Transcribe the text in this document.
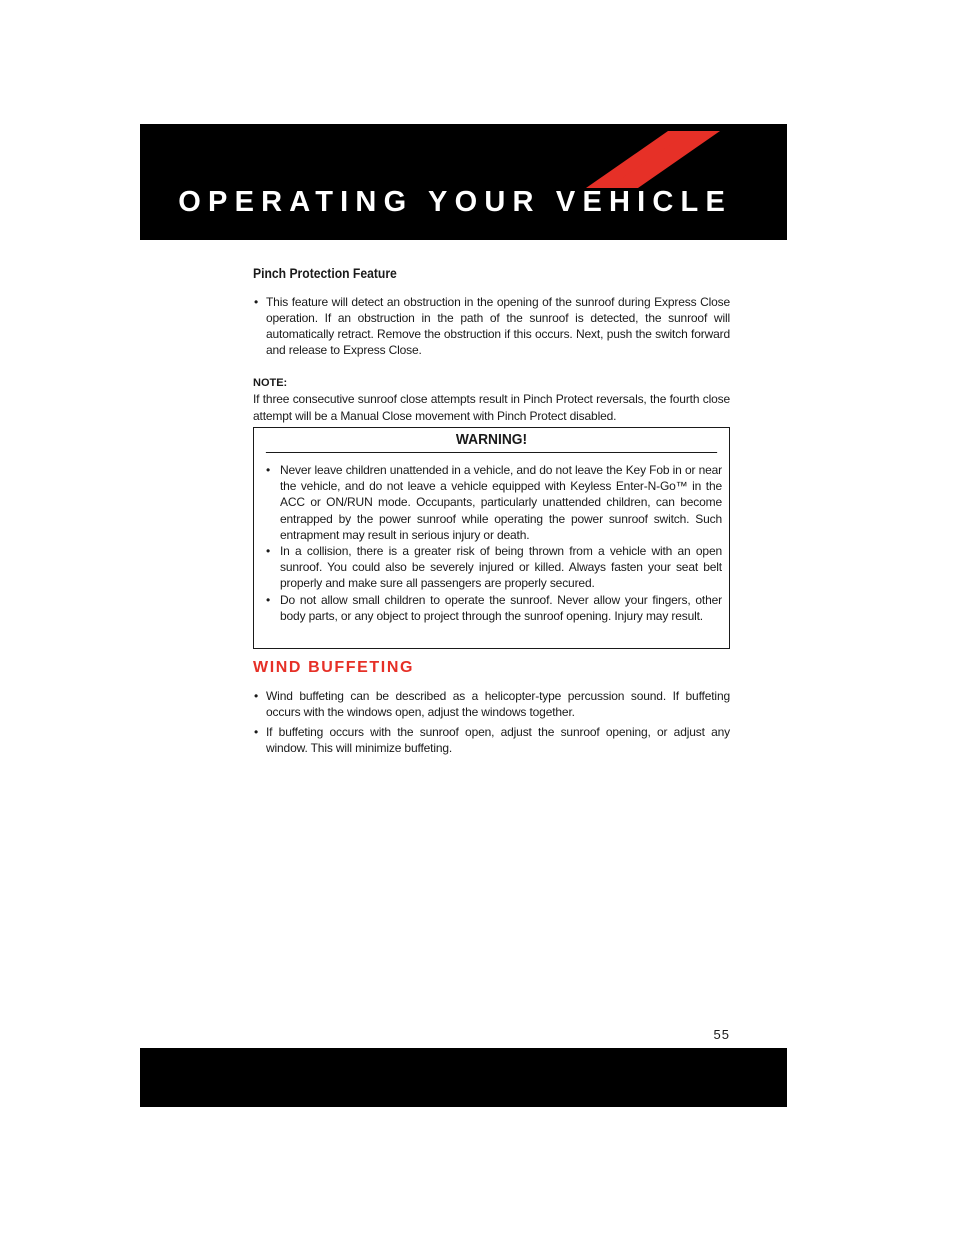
OPERATING YOUR VEHICLE
Pinch Protection Feature
• This feature will detect an obstruction in the opening of the sunroof during Express Close operation. If an obstruction in the path of the sunroof is detected, the sunroof will automatically retract. Remove the obstruction if this occurs. Next, push the switch forward and release to Express Close.

NOTE:

If three consecutive sunroof close attempts result in Pinch Protect reversals, the fourth close attempt will be a Manual Close movement with Pinch Protect disabled.

WARNING!
• Never leave children unattended in a vehicle, and do not leave the Key Fob in or near the vehicle, and do not leave a vehicle equipped with Keyless Enter-N-Go™ in the ACC or ON/RUN mode. Occupants, particularly unattended children, can become entrapped by the power sunroof while operating the power sunroof switch. Such entrapment may result in serious injury or death.
• In a collision, there is a greater risk of being thrown from a vehicle with an open sunroof. You could also be severely injured or killed. Always fasten your seat belt properly and make sure all passengers are properly secured.
• Do not allow small children to operate the sunroof. Never allow your fingers, other body parts, or any object to project through the sunroof opening. Injury may result.
WIND BUFFETING
• Wind buffeting can be described as a helicopter-type percussion sound. If buffeting occurs with the windows open, adjust the windows together.
• If buffeting occurs with the sunroof open, adjust the sunroof opening, or adjust any window. This will minimize buffeting.
55
